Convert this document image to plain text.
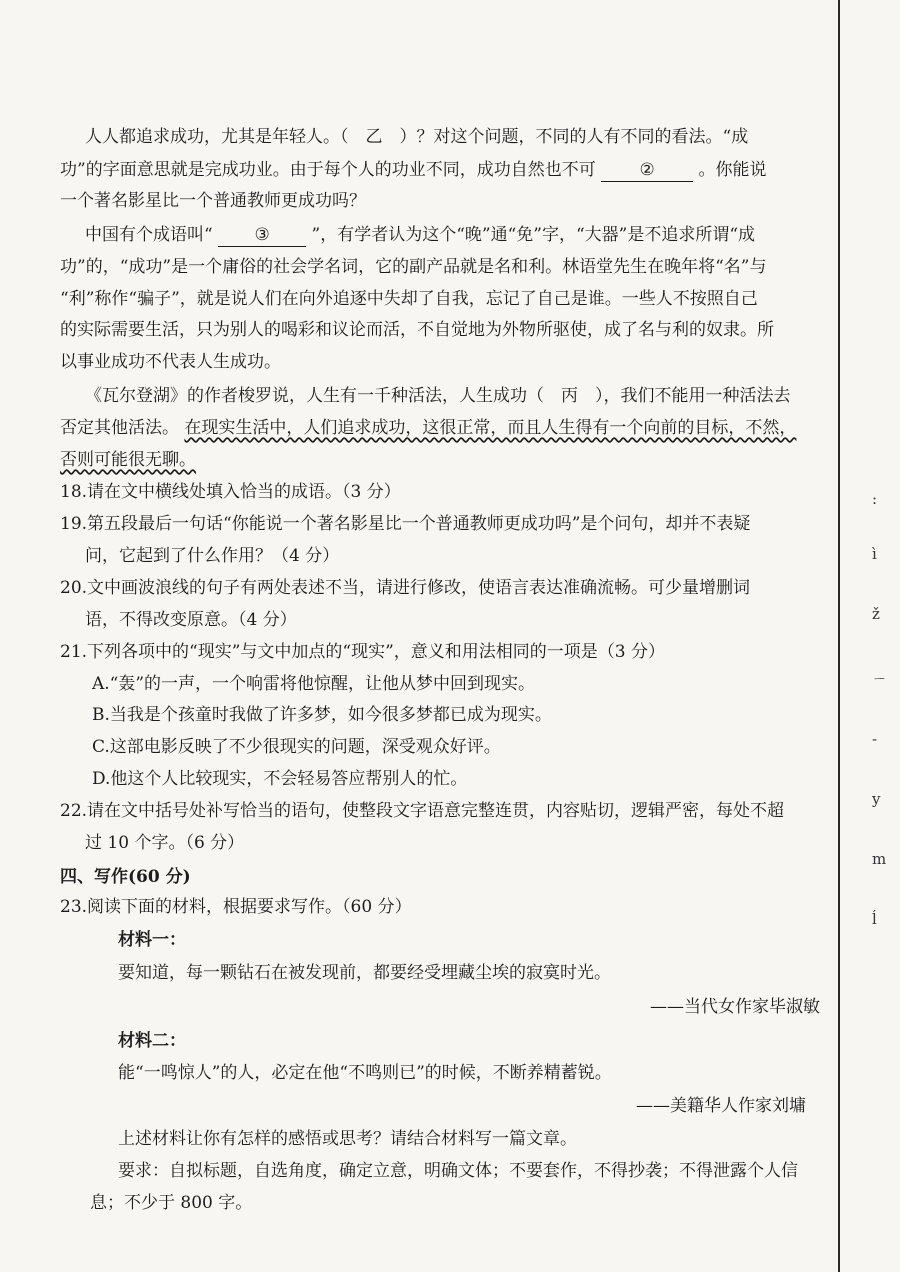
人人都追求成功，尤其是年轻人。（　乙　）？对这个问题，不同的人有不同的看法。“成
功”的字面意思就是完成功业。由于每个人的功业不同，成功自然也不可	②	。你能说
一个著名影星比一个普通教师更成功吗？
中国有个成语叫“ ③ ”，有学者认为这个“晚”通“免”字，“大器”是不追求所谓“成
功”的，“成功”是一个庸俗的社会学名词，它的副产品就是名和利。林语堂先生在晚年将“名”与
“利”称作“骗子”，就是说人们在向外追逐中失却了自我，忘记了自己是谁。一些人不按照自己
的实际需要生活，只为别人的喝彩和议论而活，不自觉地为外物所驱使，成了名与利的奴隶。所
以事业成功不代表人生成功。
《瓦尔登湖》的作者梭罗说，人生有一千种活法，人生成功（　丙　），我们不能用一种活法去
否定其他活法。 在现实生活中，人们追求成功，这很正常，而且人生得有一个向前的目标，不然，
否则可能很无聊。
18.请在文中横线处填入恰当的成语。（3 分）
19.第五段最后一句话“你能说一个著名影星比一个普通教师更成功吗”是个问句，却并不表疑
问，它起到了什么作用？（4 分）
20.文中画波浪线的句子有两处表述不当，请进行修改，使语言表达准确流畅。可少量增删词
语，不得改变原意。（4 分）
21.下列各项中的“现实”与文中加点的“现实”，意义和用法相同的一项是（3 分）
A.“轰”的一声，一个响雷将他惊醒，让他从梦中回到现实。
B.当我是个孩童时我做了许多梦，如今很多梦都已成为现实。
C.这部电影反映了不少很现实的问题，深受观众好评。
D.他这个人比较现实，不会轻易答应帮别人的忙。
22.请在文中括号处补写恰当的语句，使整段文字语意完整连贯，内容贴切，逻辑严密，每处不超
过 10 个字。（6 分）
四、写作(60 分)
23.阅读下面的材料，根据要求写作。（60 分）
材料一：
要知道，每一颗钻石在被发现前，都要经受埋藏尘埃的寂寞时光。
——当代女作家毕淑敏
材料二：
能“一鸣惊人”的人，必定在他“不鸣则已”的时候，不断养精蓄锐。
——美籍华人作家刘墉
上述材料让你有怎样的感悟或思考？请结合材料写一篇文章。
要求：自拟标题，自选角度，确定立意，明确文体；不要套作，不得抄袭；不得泄露个人信
息；不少于 800 字。
:
ì
ž
ㄧ
-
y
m
ĺ
